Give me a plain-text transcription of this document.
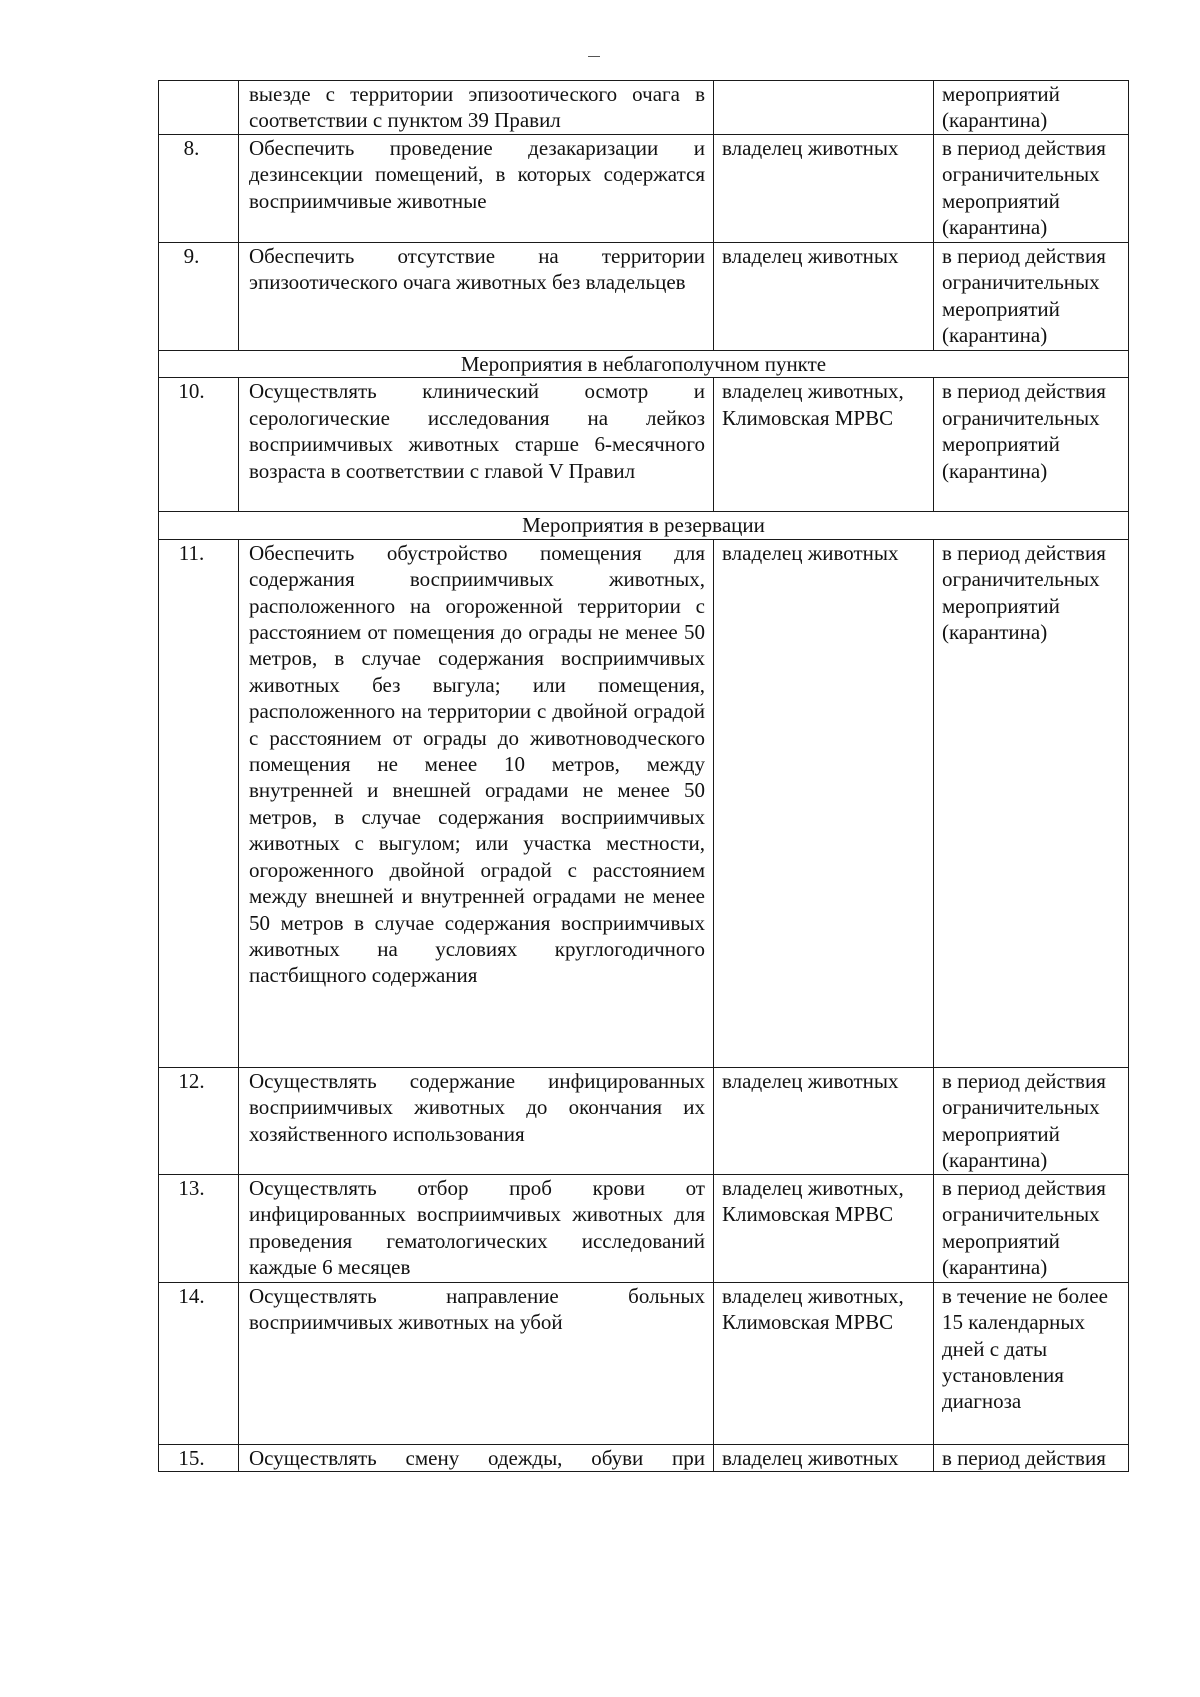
	выезде с территории эпизоотического очага в соответствии с пунктом 39 Правил		мероприятий (карантина)
8.	Обеспечить проведение дезакаризации и дезинсекции помещений, в которых содержатся восприимчивые животные	владелец животных	в период действия ограничительных мероприятий (карантина)
9.	Обеспечить отсутствие на территории эпизоотического очага животных без владельцев	владелец животных	в период действия ограничительных мероприятий (карантина)
Мероприятия в неблагополучном пункте			
10.	Осуществлять клинический осмотр и серологические исследования на лейкоз восприимчивых животных старше 6-месячного возраста в соответствии с главой V Правил	владелец животных, Климовская МРВС	в период действия ограничительных мероприятий (карантина)
Мероприятия в резервации			
11.	Обеспечить обустройство помещения для содержания восприимчивых животных, расположенного на огороженной территории с расстоянием от помещения до ограды не менее 50 метров, в случае содержания восприимчивых животных без выгула; или помещения, расположенного на территории с двойной оградой с расстоянием от ограды до животноводческого помещения не менее 10 метров, между внутренней и внешней оградами не менее 50 метров, в случае содержания восприимчивых животных с выгулом; или участка местности, огороженного двойной оградой с расстоянием между внешней и внутренней оградами не менее 50 метров в случае содержания восприимчивых животных на условиях круглогодичного пастбищного содержания	владелец животных	в период действия ограничительных мероприятий (карантина)
12.	Осуществлять содержание инфицированных восприимчивых животных до окончания их хозяйственного использования	владелец животных	в период действия ограничительных мероприятий (карантина)
13.	Осуществлять отбор проб крови от инфицированных восприимчивых животных для проведения гематологических исследований каждые 6 месяцев	владелец животных, Климовская МРВС	в период действия ограничительных мероприятий (карантина)
14.	Осуществлять направление больных восприимчивых животных на убой	владелец животных, Климовская МРВС	в течение не более 15 календарных дней с даты установления диагноза
15.	Осуществлять смену одежды, обуви при	владелец животных	в период действия
